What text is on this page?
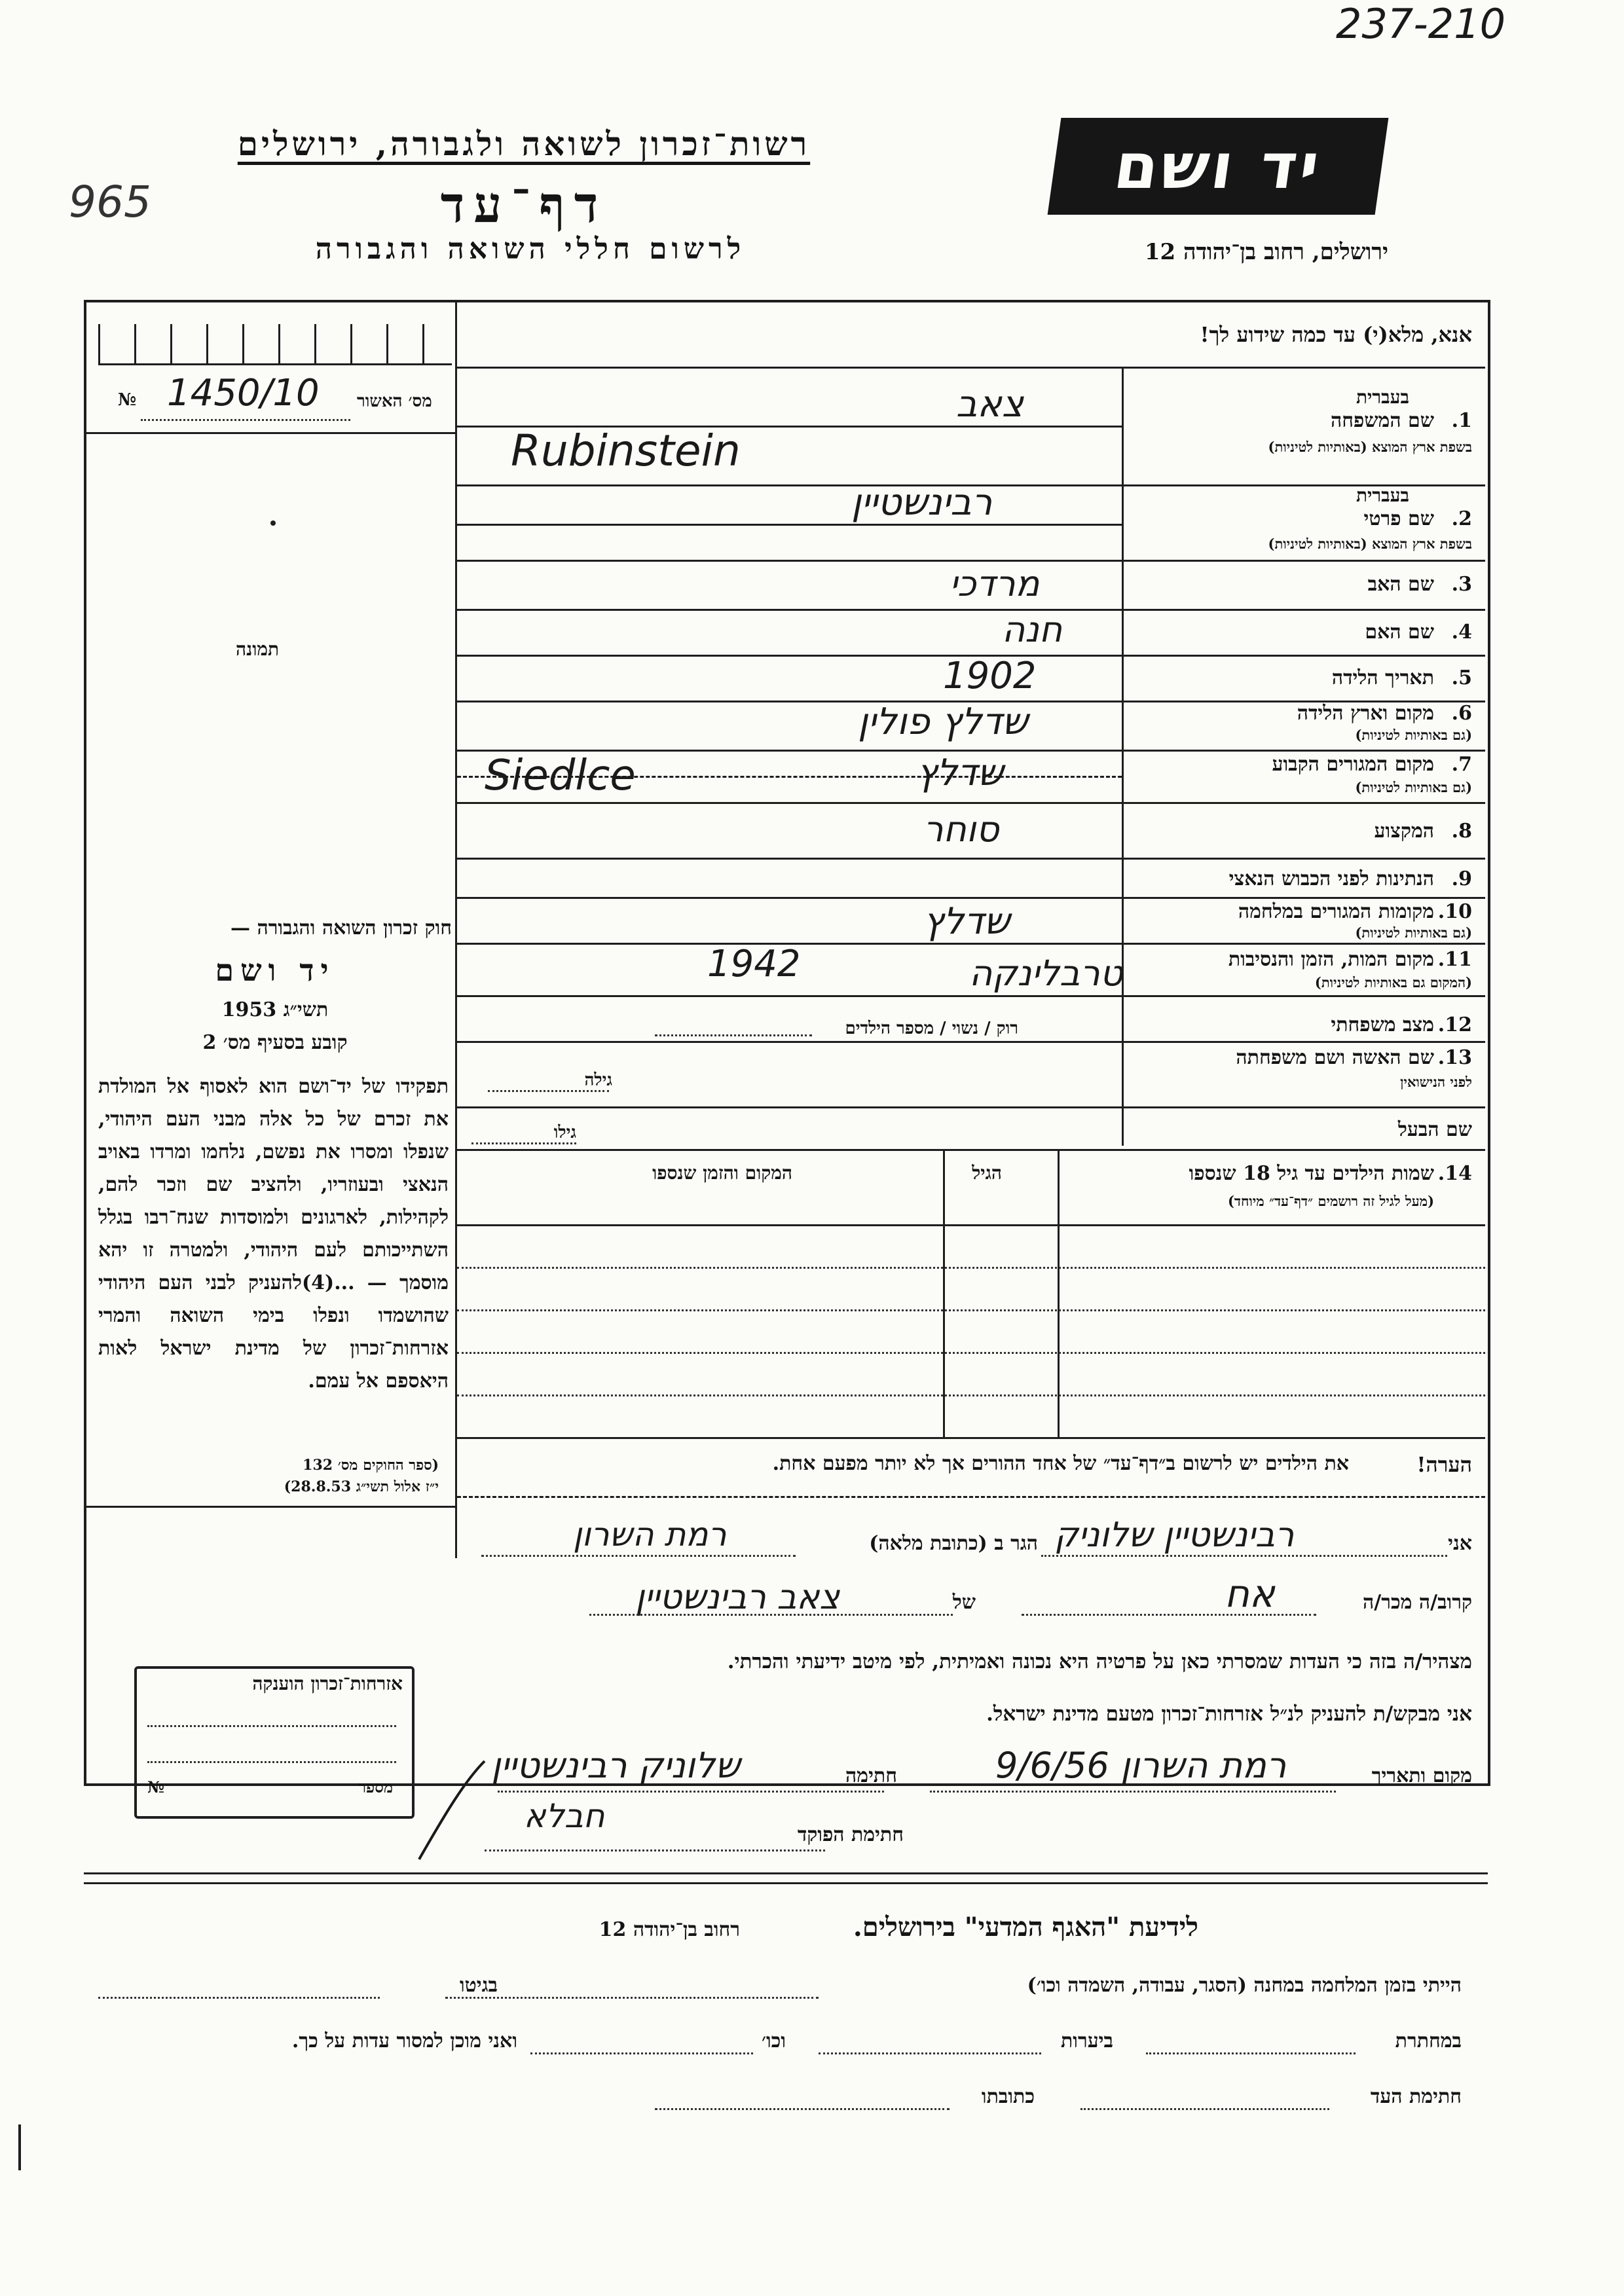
237-210
965
רשות־זכרון לשואה ולגבורה, ירושלים
דף־עד
לרשום חללי השואה והגבורה
יד ושם
ירושלים, רחוב בן־יהודה 12
אנא, מלא(י) עד כמה שידוע לך!
מס׳ האשור
№ 1450/10
תמונה
בעברית
1.
שם המשפחה
בשפת ארץ המוצא (באותיות לטיניות)
צאב
Rubinstein
בעברית
2.
שם פרטי
בשפת ארץ המוצא (באותיות לטיניות)
רבינשטיין
3.
שם האב
מרדכי
4.
שם האם
חנה
5.
תאריך הלידה
1902
6.
מקום וארץ הלידה
(גם באותיות לטיניות)
שדלץ פולין
7.
מקום המגורים הקבוע
(גם באותיות לטיניות)
שדלץ
Siedlce
8.
המקצוע
סוחר
9.
הנתינות לפני הכבוש הנאצי
10.
מקומות המגורים במלחמה
(גם באותיות לטיניות)
שדלץ
11.
מקום המות, הזמן והנסיבות
(המקום גם באותיות לטיניות)
טרבלינקה
1942
12.
מצב משפחתי
רוק / נשוי / מספר הילדים
13.
שם האשה ושם משפחתה
לפני הנישואין
גילה
שם הבעל
גילו
14.
שמות הילדים עד גיל 18 שנספו
(מעל לגיל זה רושמים ״דף־עד״ מיוחד)
הגיל
המקום והזמן שנספו
הערה!
את הילדים יש לרשום ב״דף־עד״ של אחד ההורים אך לא יותר מפעם אחת.
חוק זכרון השואה והגבורה —
יד ושם
תשי״ג 1953
קובע בסעיף מס׳ 2
תפקידו של יד־ושם הוא לאסוף אל המולדת את זכרם של כל אלה מבני העם היהודי, שנפלו ומסרו את נפשם, נלחמו ומרדו באויב הנאצי ובעוזריו, ולהציב שם וזכר להם, לקהילות, לארגונים ולמוסדות שנח־רבו בגלל השתייכותם לעם היהודי, ולמטרה זו יהא מוסמך — ...(4)להעניק לבני העם היהודי שהושמדו ונפלו בימי השואה והמרי אזרחות־זכרון של מדינת ישראל לאות היאספם אל עמם.
(ספר החוקים מס׳ 132
י״ז אלול תשי״ג 28.8.53)
אני
רבינשטיין שלוניק
הגר ב (כתובת מלאה)
רמת השרון
קרוב/ה מכר/ה
אח
של
צאב רבינשטיין
מצהיר/ה בזה כי העדות שמסרתי כאן על פרטיה היא נכונה ואמיתית, לפי מיטב ידיעתי והכרתי.
אני מבקש/ת להעניק לנ״ל אזרחות־זכרון מטעם מדינת ישראל.
מקום ותאריך
רמת השרון 9/6/56
חתימה
שלוניק רבינשטיין
חתימת הפוקד
חבלא
אזרחות־זכרון הוענקה
№	מספר
לידיעת "האגף המדעי" בירושלים.
רחוב בן־יהודה 12
הייתי בזמן המלחמה במחנה (הסגר, עבודה, השמדה וכו׳)
בגיטו
במחתרת
ביערות
וכו׳
ואני מוכן למסור עדות על כך.
חתימת העד
כתובתו
